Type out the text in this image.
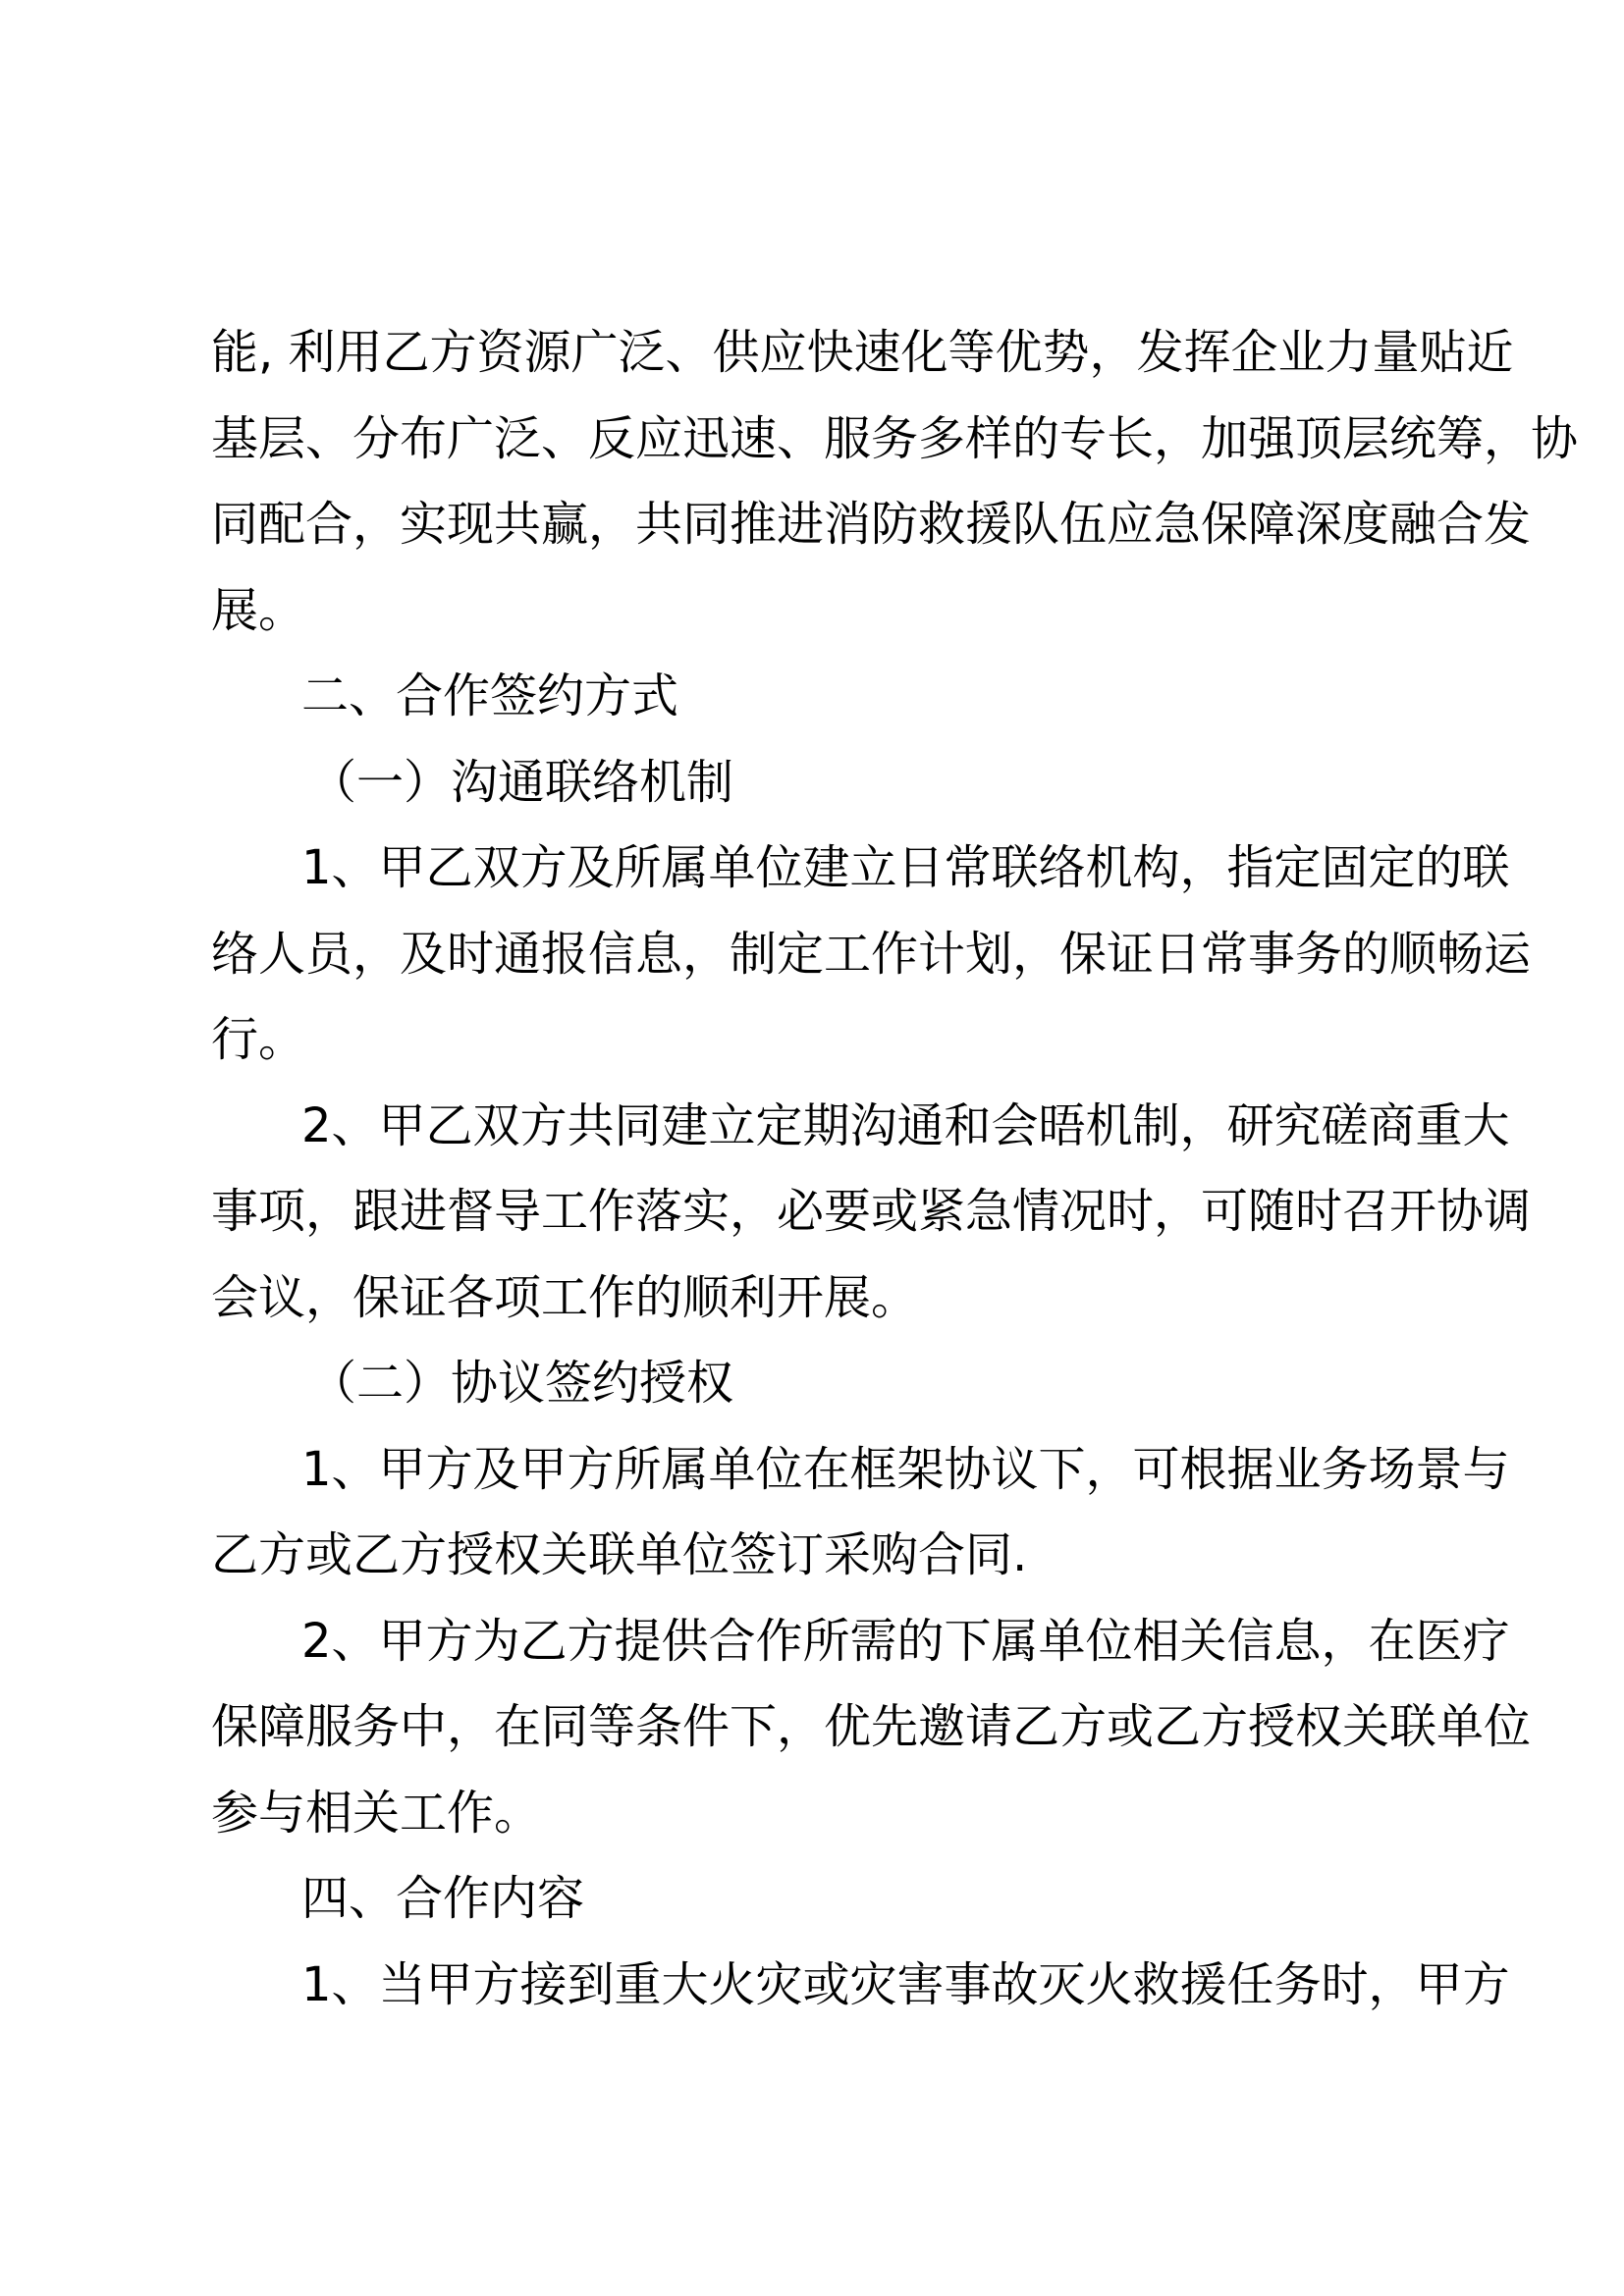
能, 利用乙方资源广泛、供应快速化等优势，发挥企业力量贴近
基层、分布广泛、反应迅速、服务多样的专长，加强顶层统筹，协
同配合，实现共赢，共同推进消防救援队伍应急保障深度融合发
展。
二、合作签约方式
（一）沟通联络机制
1、甲乙双方及所属单位建立日常联络机构，指定固定的联
络人员，及时通报信息，制定工作计划，保证日常事务的顺畅运
行。
2、甲乙双方共同建立定期沟通和会晤机制，研究磋商重大
事项，跟进督导工作落实，必要或紧急情况时，可随时召开协调
会议，保证各项工作的顺利开展。
（二）协议签约授权
1、甲方及甲方所属单位在框架协议下，可根据业务场景与
乙方或乙方授权关联单位签订采购合同.
2、甲方为乙方提供合作所需的下属单位相关信息，在医疗
保障服务中，在同等条件下，优先邀请乙方或乙方授权关联单位
参与相关工作。
四、合作内容
1、当甲方接到重大火灾或灾害事故灭火救援任务时，甲方
